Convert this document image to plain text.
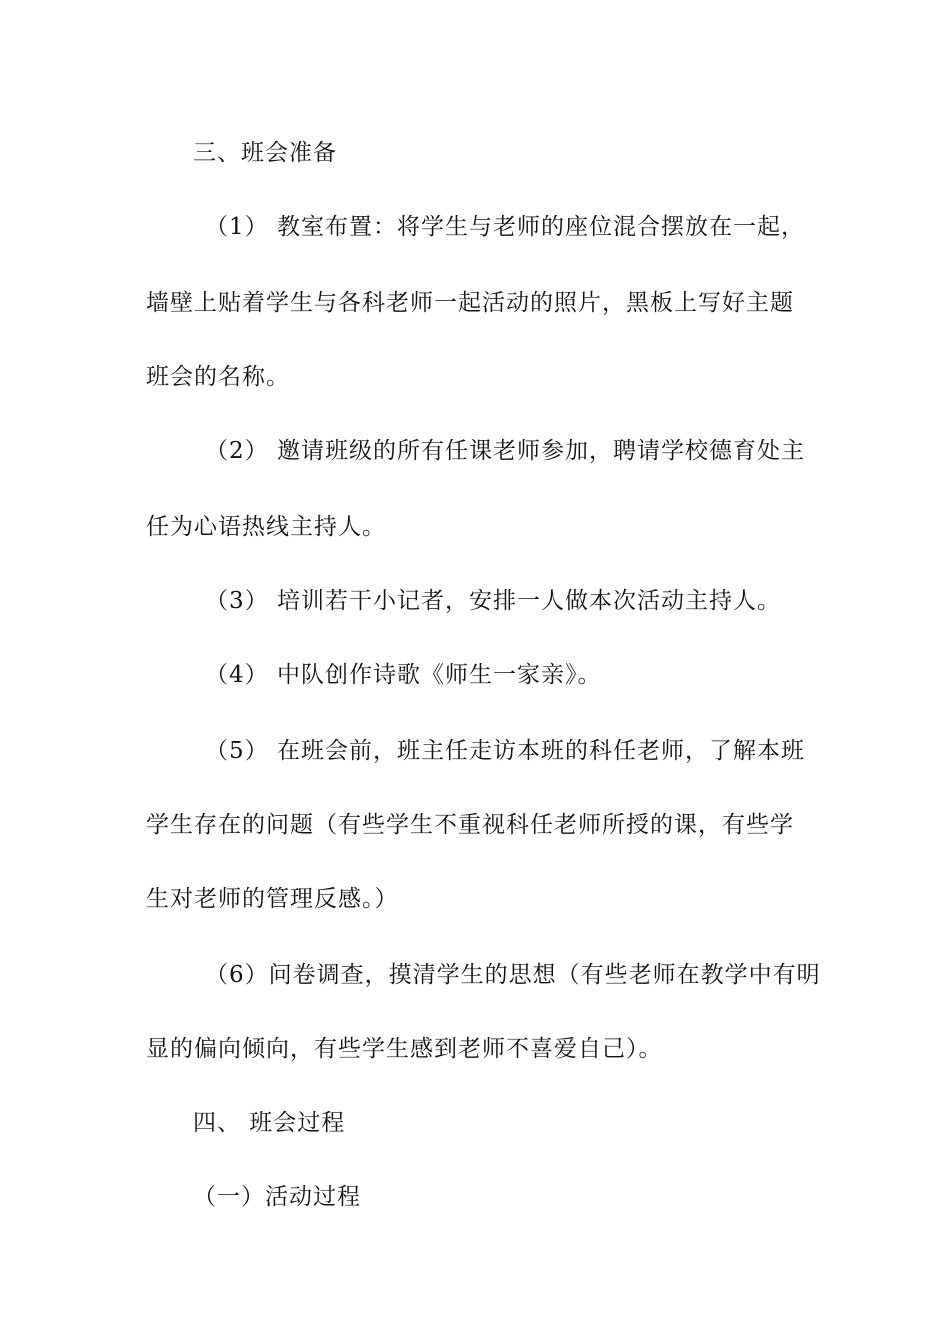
三、班会准备
（1） 教室布置：将学生与老师的座位混合摆放在一起，
墙壁上贴着学生与各科老师一起活动的照片，黑板上写好主题
班会的名称。
（2） 邀请班级的所有任课老师参加，聘请学校德育处主
任为心语热线主持人。
（3） 培训若干小记者，安排一人做本次活动主持人。
（4） 中队创作诗歌《师生一家亲》。
（5） 在班会前，班主任走访本班的科任老师，了解本班
学生存在的问题（有些学生不重视科任老师所授的课，有些学
生对老师的管理反感。）
（6）问卷调查，摸清学生的思想（有些老师在教学中有明
显的偏向倾向，有些学生感到老师不喜爱自己）。
四、 班会过程
（一）活动过程
